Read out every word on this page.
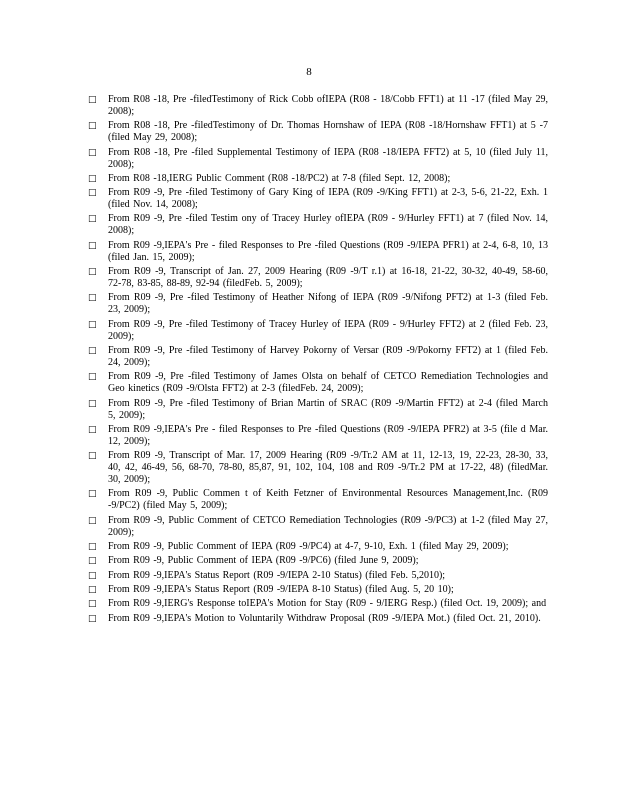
8
□	From R08 -18, Pre -filedTestimony of Rick Cobb ofIEPA (R08 - 18/Cobb FFT1) at 11 -17 (filed May 29, 2008);
□	From R08 -18, Pre -filedTestimony of Dr. Thomas Hornshaw of IEPA (R08 -18/Hornshaw FFT1) at 5 -7 (filed May 29, 2008);
□	From R08 -18, Pre -filed Supplemental Testimony of IEPA (R08 -18/IEPA FFT2) at 5, 10 (filed July 11, 2008);
□	From R08 -18,IERG Public Comment (R08 -18/PC2) at 7-8 (filed Sept. 12, 2008);
□	From R09 -9, Pre -filed Testimony of Gary King of IEPA (R09 -9/King FFT1) at 2-3, 5-6, 21-22, Exh. 1 (filed Nov. 14, 2008);
□	From R09 -9, Pre -filed Testim ony of Tracey Hurley ofIEPA (R09 - 9/Hurley FFT1) at 7 (filed Nov. 14, 2008);
□	From R09 -9,IEPA's Pre - filed Responses to Pre -filed Questions (R09 -9/IEPA PFR1) at 2-4, 6-8, 10, 13 (filed Jan. 15, 2009);
□	From R09 -9, Transcript of Jan. 27, 2009 Hearing (R09 -9/T r.1) at 16-18, 21-22, 30-32, 40-49, 58-60, 72-78, 83-85, 88-89, 92-94 (filedFeb. 5, 2009);
□	From R09 -9, Pre -filed Testimony of Heather Nifong of IEPA (R09 -9/Nifong PFT2) at 1-3 (filed Feb. 23, 2009);
□	From R09 -9, Pre -filed Testimony of Tracey Hurley of IEPA (R09 - 9/Hurley FFT2) at 2 (filed Feb. 23, 2009);
□	From R09 -9, Pre -filed Testimony of Harvey Pokorny of Versar (R09 -9/Pokorny FFT2) at 1 (filed Feb. 24, 2009);
□	From R09 -9, Pre -filed Testimony of James Olsta on behalf of CETCO Remediation Technologies and Geo kinetics (R09 -9/Olsta FFT2) at 2-3 (filedFeb. 24, 2009);
□	From R09 -9, Pre -filed Testimony of Brian Martin of SRAC (R09 -9/Martin FFT2) at 2-4 (filed March 5, 2009);
□	From R09 -9,IEPA's Pre - filed Responses to Pre -filed Questions (R09 -9/IEPA PFR2) at 3-5 (file d Mar. 12, 2009);
□	From R09 -9, Transcript of Mar. 17, 2009 Hearing (R09 -9/Tr.2 AM at 11, 12-13, 19, 22-23, 28-30, 33, 40, 42, 46-49, 56, 68-70, 78-80, 85,87, 91, 102, 104, 108 and R09 -9/Tr.2 PM at 17-22, 48) (filedMar. 30, 2009);
□	From R09 -9, Public Commen t of Keith Fetzner of Environmental Resources Management,Inc. (R09 -9/PC2) (filed May 5, 2009);
□	From R09 -9, Public Comment of CETCO Remediation Technologies (R09 -9/PC3) at 1-2 (filed May 27, 2009);
□	From R09 -9, Public Comment of IEPA (R09 -9/PC4) at 4-7, 9-10, Exh. 1 (filed May 29, 2009);
□	From R09 -9, Public Comment of IEPA (R09 -9/PC6) (filed June 9, 2009);
□	From R09 -9,IEPA's Status Report (R09 -9/IEPA 2-10 Status) (filed Feb. 5,2010);
□	From R09 -9,IEPA's Status Report (R09 -9/IEPA 8-10 Status) (filed Aug. 5, 20 10);
□	From R09 -9,IERG's Response toIEPA's Motion for Stay (R09 - 9/IERG Resp.) (filed Oct. 19, 2009); and
□	From R09 -9,IEPA's Motion to Voluntarily Withdraw Proposal (R09 -9/IEPA Mot.) (filed Oct. 21, 2010).
